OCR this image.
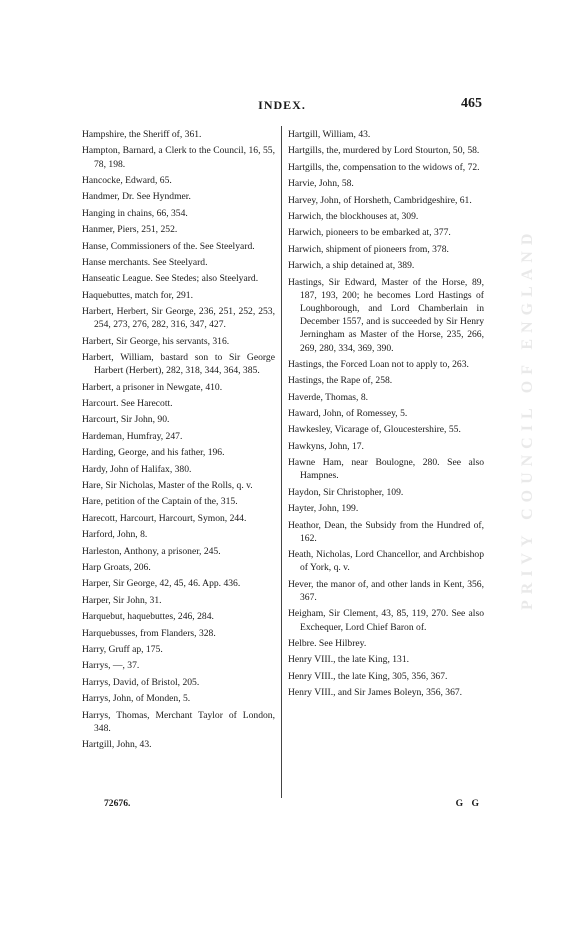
INDEX.	465

Hampshire, the Sheriff of, 361.

Hampton, Barnard, a Clerk to the Council, 16, 55, 78, 198.

Hancocke, Edward, 65.

Handmer, Dr. See Hyndmer.

Hanging in chains, 66, 354.

Hanmer, Piers, 251, 252.

Hanse, Commissioners of the. See Steelyard.

Hanse merchants. See Steelyard.

Hanseatic League. See Stedes; also Steelyard.

Haquebuttes, match for, 291.

Harbert, Herbert, Sir George, 236, 251, 252, 253, 254, 273, 276, 282, 316, 347, 427.

Harbert, Sir George, his servants, 316.

Harbert, William, bastard son to Sir George Harbert (Herbert), 282, 318, 344, 364, 385.

Harbert, a prisoner in Newgate, 410.

Harcourt. See Harecott.

Harcourt, Sir John, 90.

Hardeman, Humfray, 247.

Harding, George, and his father, 196.

Hardy, John of Halifax, 380.

Hare, Sir Nicholas, Master of the Rolls, q. v.

Hare, petition of the Captain of the, 315.

Harecott, Harcourt, Harcourt, Symon, 244.

Harford, John, 8.

Harleston, Anthony, a prisoner, 245.

Harp Groats, 206.

Harper, Sir George, 42, 45, 46. App. 436.

Harper, Sir John, 31.

Harquebut, haquebuttes, 246, 284.

Harquebusses, from Flanders, 328.

Harry, Gruff ap, 175.

Harrys, —, 37.

Harrys, David, of Bristol, 205.

Harrys, John, of Monden, 5.

Harrys, Thomas, Merchant Taylor of London, 348.

Hartgill, John, 43.

Hartgill, William, 43.

Hartgills, the, murdered by Lord Stourton, 50, 58.

Hartgills, the, compensation to the widows of, 72.

Harvie, John, 58.

Harvey, John, of Horsheth, Cambridgeshire, 61.

Harwich, the blockhouses at, 309.

Harwich, pioneers to be embarked at, 377.

Harwich, shipment of pioneers from, 378.

Harwich, a ship detained at, 389.

Hastings, Sir Edward, Master of the Horse, 89, 187, 193, 200; he becomes Lord Hastings of Loughborough, and Lord Chamberlain in December 1557, and is succeeded by Sir Henry Jerningham as Master of the Horse, 235, 266, 269, 280, 334, 369, 390.

Hastings, the Forced Loan not to apply to, 263.

Hastings, the Rape of, 258.

Haverde, Thomas, 8.

Haward, John, of Romessey, 5.

Hawkesley, Vicarage of, Gloucestershire, 55.

Hawkyns, John, 17.

Hawne Ham, near Boulogne, 280. See also Hampnes.

Haydon, Sir Christopher, 109.

Hayter, John, 199.

Heathor, Dean, the Subsidy from the Hundred of, 162.

Heath, Nicholas, Lord Chancellor, and Archbishop of York, q. v.

Hever, the manor of, and other lands in Kent, 356, 367.

Heigham, Sir Clement, 43, 85, 119, 270. See also Exchequer, Lord Chief Baron of.

Helbre. See Hilbrey.

Henry VIII., the late King, 131.

Henry VIII., the late King, 305, 356, 367.

Henry VIII., and Sir James Boleyn, 356, 367.

PRIVY COUNCIL OF ENGLAND
72676.	G G
